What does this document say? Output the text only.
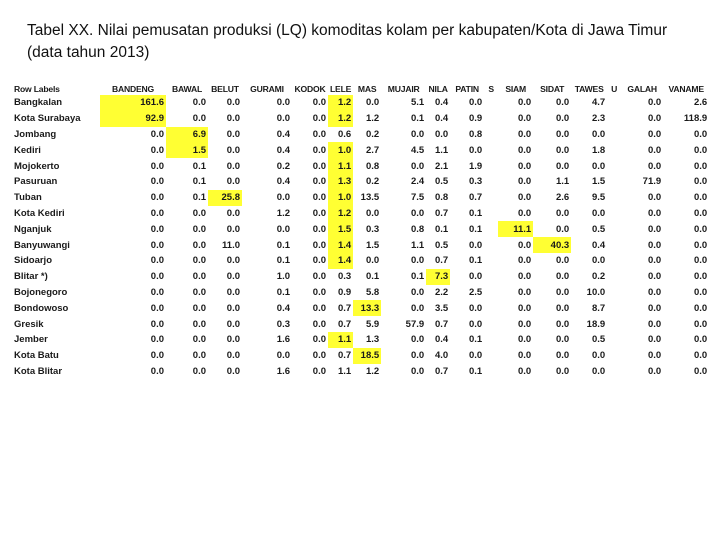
Tabel XX. Nilai pemusatan produksi (LQ) komoditas kolam per kabupaten/Kota di Jawa Timur
(data tahun 2013)
Row Labels	BANDENG	BAWAL	BELUT	GURAMI	KODOK	LELE	MAS	MUJAIR	NILA	PATIN	S	SIAM	SIDAT	TAWES	U	GALAH	VANAME
Bangkalan	161.6	0.0	0.0	0.0	0.0	1.2	0.0	5.1	0.4	0.0		0.0	0.0	4.7		0.0	2.6
Kota Surabaya	92.9	0.0	0.0	0.0	0.0	1.2	1.2	0.1	0.4	0.9		0.0	0.0	2.3		0.0	118.9
Jombang	0.0	6.9	0.0	0.4	0.0	0.6	0.2	0.0	0.0	0.8		0.0	0.0	0.0		0.0	0.0
Kediri	0.0	1.5	0.0	0.4	0.0	1.0	2.7	4.5	1.1	0.0		0.0	0.0	1.8		0.0	0.0
Mojokerto	0.0	0.1	0.0	0.2	0.0	1.1	0.8	0.0	2.1	1.9		0.0	0.0	0.0		0.0	0.0
Pasuruan	0.0	0.1	0.0	0.4	0.0	1.3	0.2	2.4	0.5	0.3		0.0	1.1	1.5		71.9	0.0
Tuban	0.0	0.1	25.8	0.0	0.0	1.0	13.5	7.5	0.8	0.7		0.0	2.6	9.5		0.0	0.0
Kota Kediri	0.0	0.0	0.0	1.2	0.0	1.2	0.0	0.0	0.7	0.1		0.0	0.0	0.0		0.0	0.0
Nganjuk	0.0	0.0	0.0	0.0	0.0	1.5	0.3	0.8	0.1	0.1		11.1	0.0	0.5		0.0	0.0
Banyuwangi	0.0	0.0	11.0	0.1	0.0	1.4	1.5	1.1	0.5	0.0		0.0	40.3	0.4		0.0	0.0
Sidoarjo	0.0	0.0	0.0	0.1	0.0	1.4	0.0	0.0	0.7	0.1		0.0	0.0	0.0		0.0	0.0
Blitar *)	0.0	0.0	0.0	1.0	0.0	0.3	0.1	0.1	7.3	0.0		0.0	0.0	0.2		0.0	0.0
Bojonegoro	0.0	0.0	0.0	0.1	0.0	0.9	5.8	0.0	2.2	2.5		0.0	0.0	10.0		0.0	0.0
Bondowoso	0.0	0.0	0.0	0.4	0.0	0.7	13.3	0.0	3.5	0.0		0.0	0.0	8.7		0.0	0.0
Gresik	0.0	0.0	0.0	0.3	0.0	0.7	5.9	57.9	0.7	0.0		0.0	0.0	18.9		0.0	0.0
Jember	0.0	0.0	0.0	1.6	0.0	1.1	1.3	0.0	0.4	0.1		0.0	0.0	0.5		0.0	0.0
Kota Batu	0.0	0.0	0.0	0.0	0.0	0.7	18.5	0.0	4.0	0.0		0.0	0.0	0.0		0.0	0.0
Kota Blitar	0.0	0.0	0.0	1.6	0.0	1.1	1.2	0.0	0.7	0.1		0.0	0.0	0.0		0.0	0.0
